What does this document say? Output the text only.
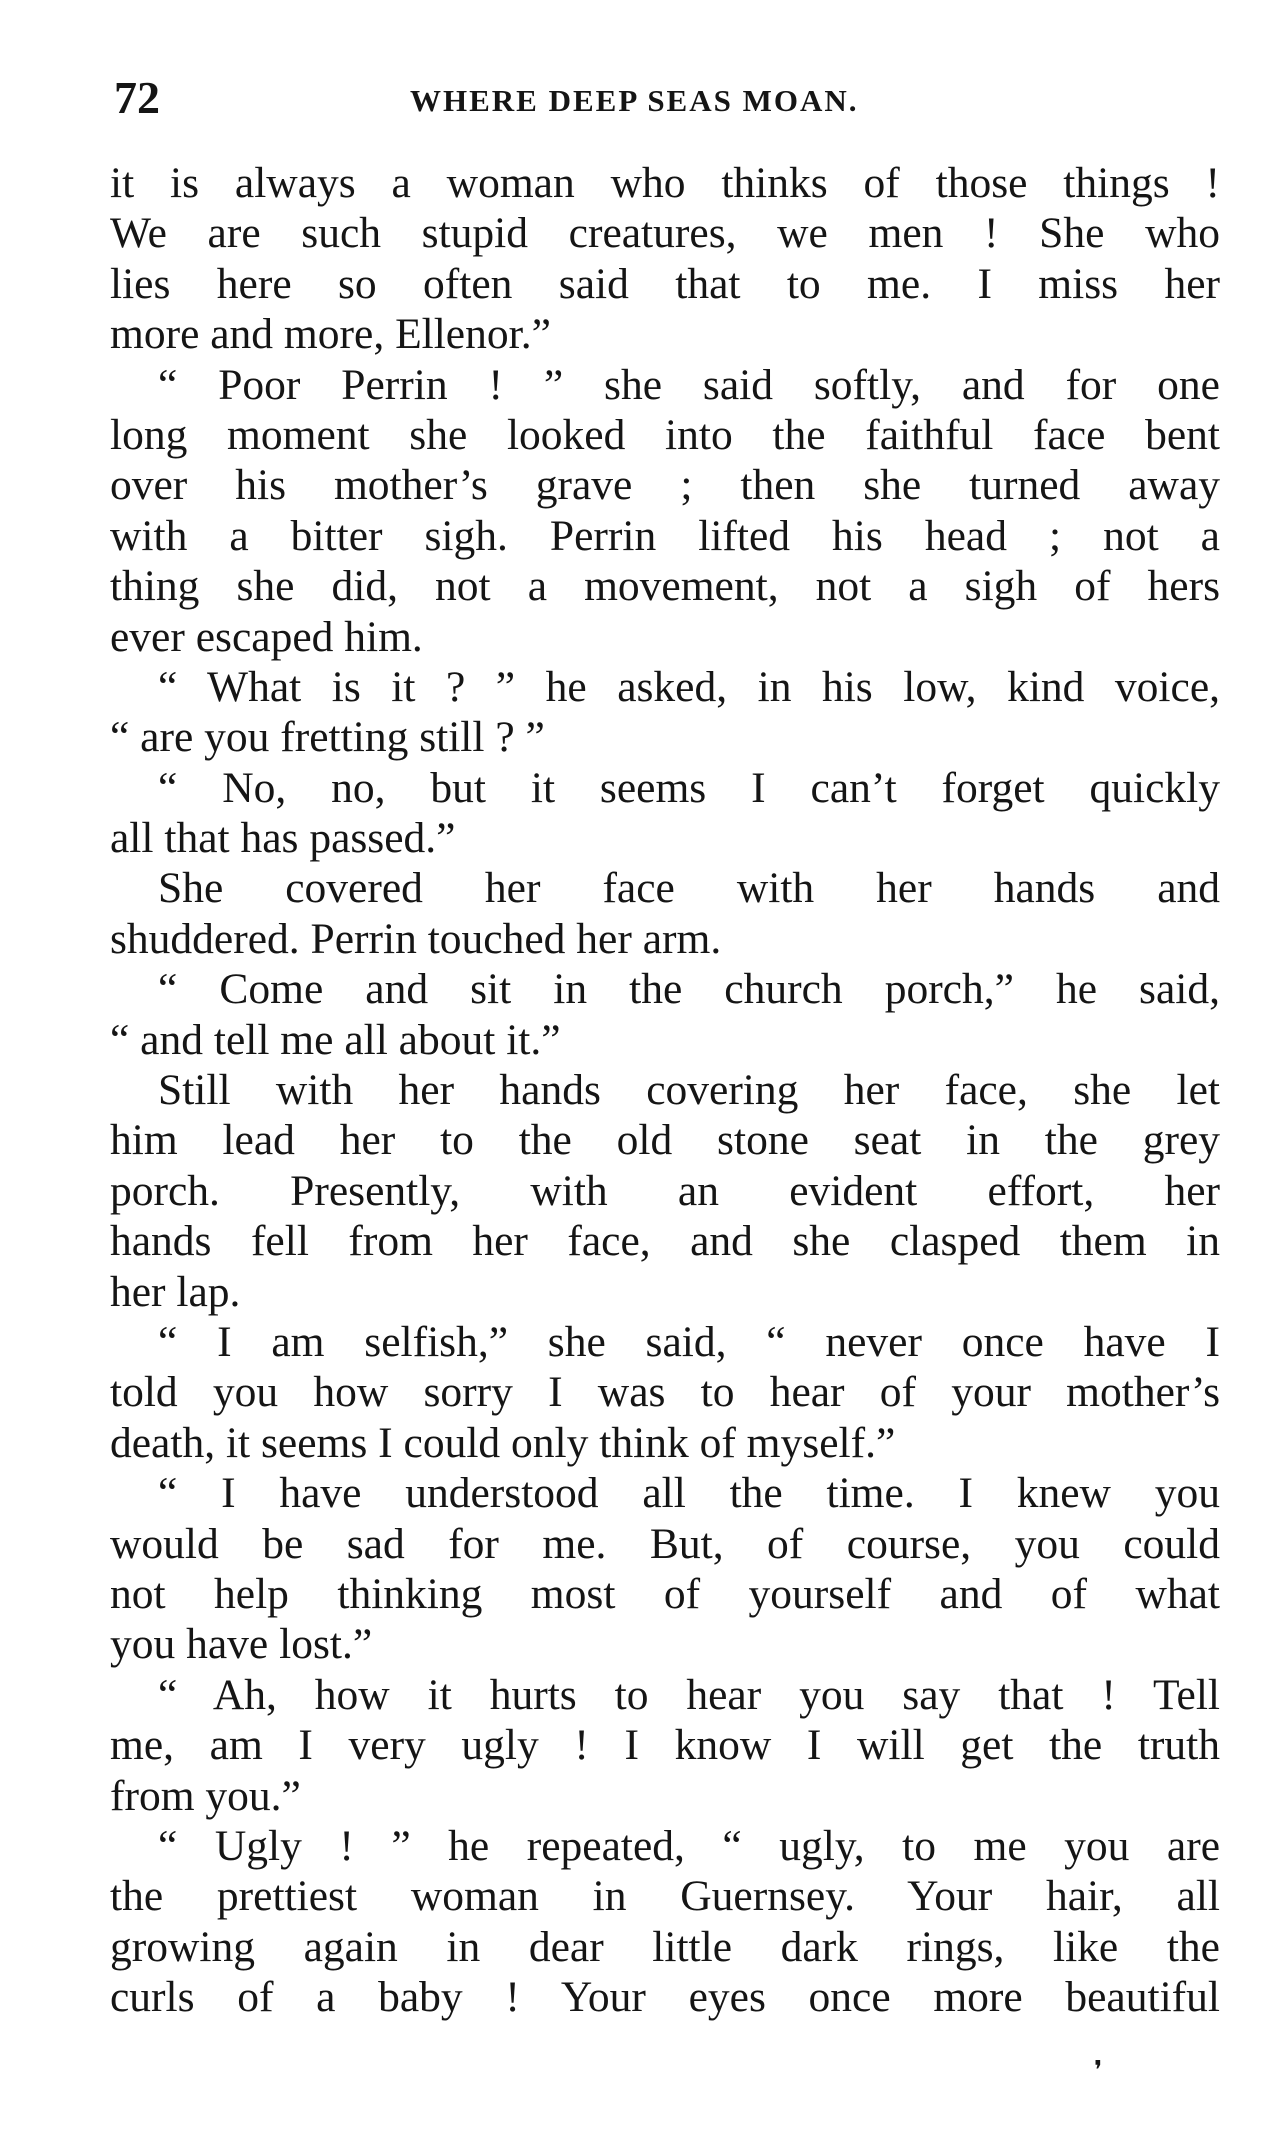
72	WHERE DEEP SEAS MOAN.
it is always a woman who thinks of those things !
We are such stupid creatures, we men ! She who
lies here so often said that to me. I miss her
more and more, Ellenor.”
“ Poor Perrin ! ” she said softly, and for one
long moment she looked into the faithful face bent
over his mother’s grave ; then she turned away
with a bitter sigh. Perrin lifted his head ; not a
thing she did, not a movement, not a sigh of hers
ever escaped him.
“ What is it ? ” he asked, in his low, kind voice,
“ are you fretting still ? ”
“ No, no, but it seems I can’t forget quickly
all that has passed.”
She covered her face with her hands and
shuddered. Perrin touched her arm.
“ Come and sit in the church porch,” he said,
“ and tell me all about it.”
Still with her hands covering her face, she let
him lead her to the old stone seat in the grey
porch. Presently, with an evident effort, her
hands fell from her face, and she clasped them in
her lap.
“ I am selfish,” she said, “ never once have I
told you how sorry I was to hear of your mother’s
death, it seems I could only think of myself.”
“ I have understood all the time. I knew you
would be sad for me. But, of course, you could
not help thinking most of yourself and of what
you have lost.”
“ Ah, how it hurts to hear you say that ! Tell
me, am I very ugly ! I know I will get the truth
from you.”
“ Ugly ! ” he repeated, “ ugly, to me you are
the prettiest woman in Guernsey. Your hair, all
growing again in dear little dark rings, like the
curls of a baby ! Your eyes once more beautiful
❜
